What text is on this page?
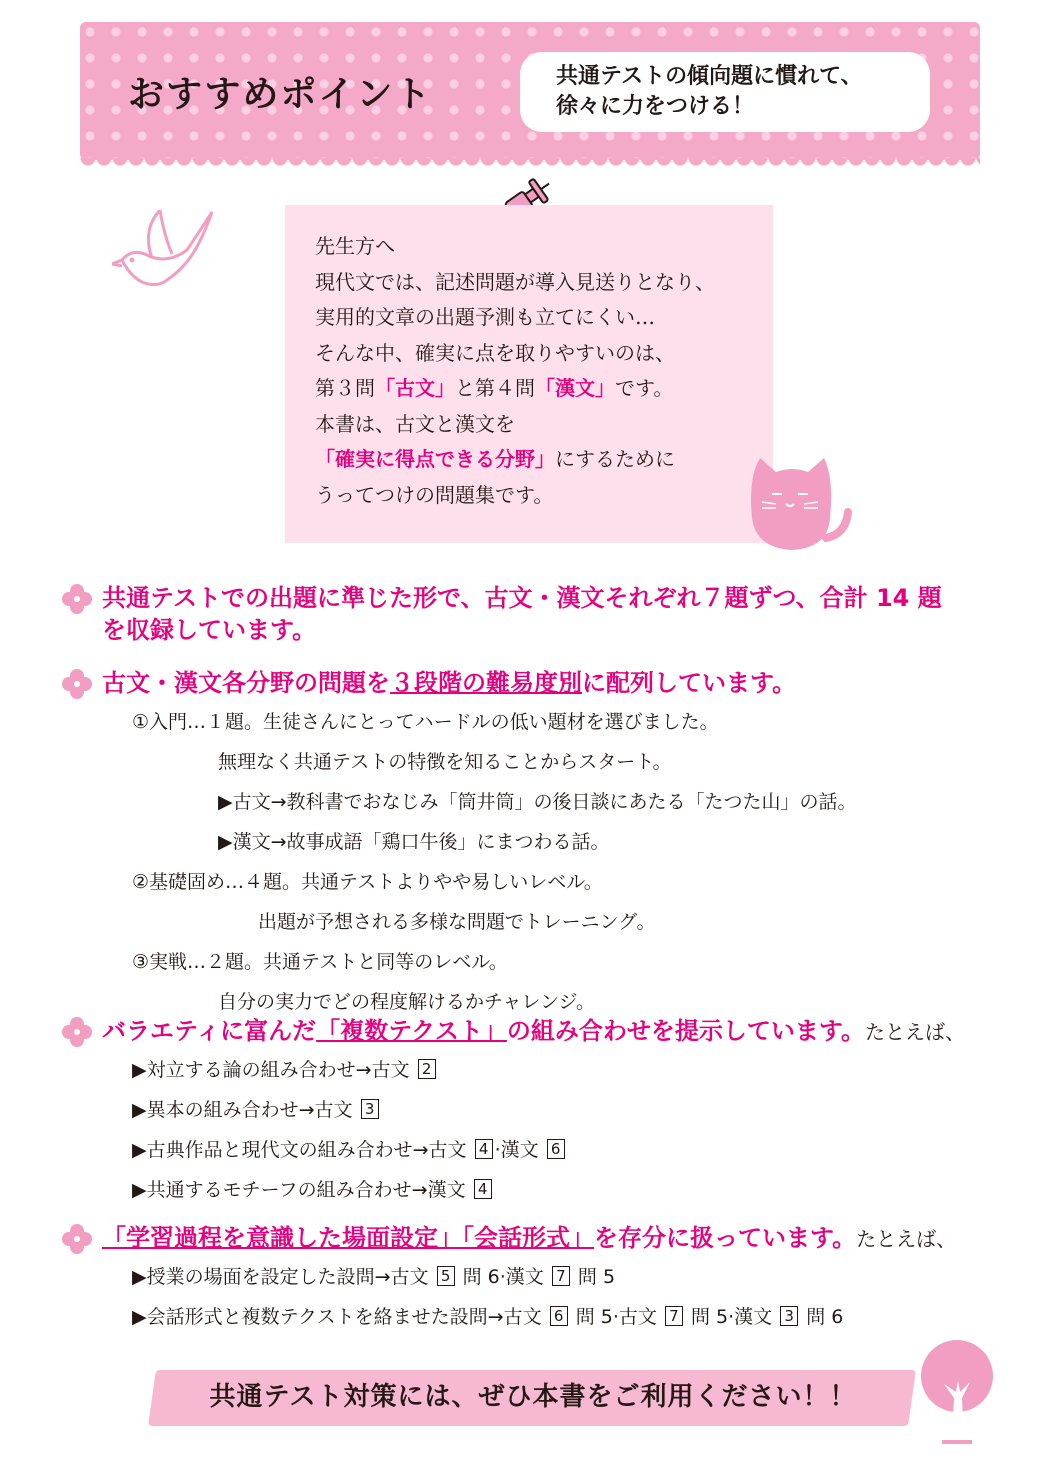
おすすめポイント	共通テストの傾向題に慣れて、
徐々に力をつける！
先生方へ
現代文では、記述問題が導入見送りとなり、
実用的文章の出題予測も立てにくい…
そんな中、確実に点を取りやすいのは、
第３問「古文」と第４問「漢文」です。
本書は、古文と漢文を
「確実に得点できる分野」にするために
うってつけの問題集です。
共通テストでの出題に準じた形で、古文・漢文それぞれ７題ずつ、合計 14 題
を収録しています。
古文・漢文各分野の問題を３段階の難易度別に配列しています。
①入門…１題。生徒さんにとってハードルの低い題材を選びました。
無理なく共通テストの特徴を知ることからスタート。
▶古文→教科書でおなじみ「筒井筒」の後日談にあたる「たつた山」の話。
▶漢文→故事成語「鶏口牛後」にまつわる話。
②基礎固め…４題。共通テストよりやや易しいレベル。
出題が予想される多様な問題でトレーニング。
③実戦…２題。共通テストと同等のレベル。
自分の実力でどの程度解けるかチャレンジ。
バラエティに富んだ「複数テクスト」の組み合わせを提示しています。たとえば、
▶対立する論の組み合わせ→古文 2
▶異本の組み合わせ→古文 3
▶古典作品と現代文の組み合わせ→古文 4 ·漢文 6
▶共通するモチーフの組み合わせ→漢文 4
「学習過程を意識した場面設定」「会話形式」を存分に扱っています。たとえば、
▶授業の場面を設定した設問→古文 5 問 6·漢文 7 問 5
▶会話形式と複数テクストを絡ませた設問→古文 6 問 5·古文 7 問 5·漢文 3 問 6
共通テスト対策には、ぜひ本書をご利用ください！！
